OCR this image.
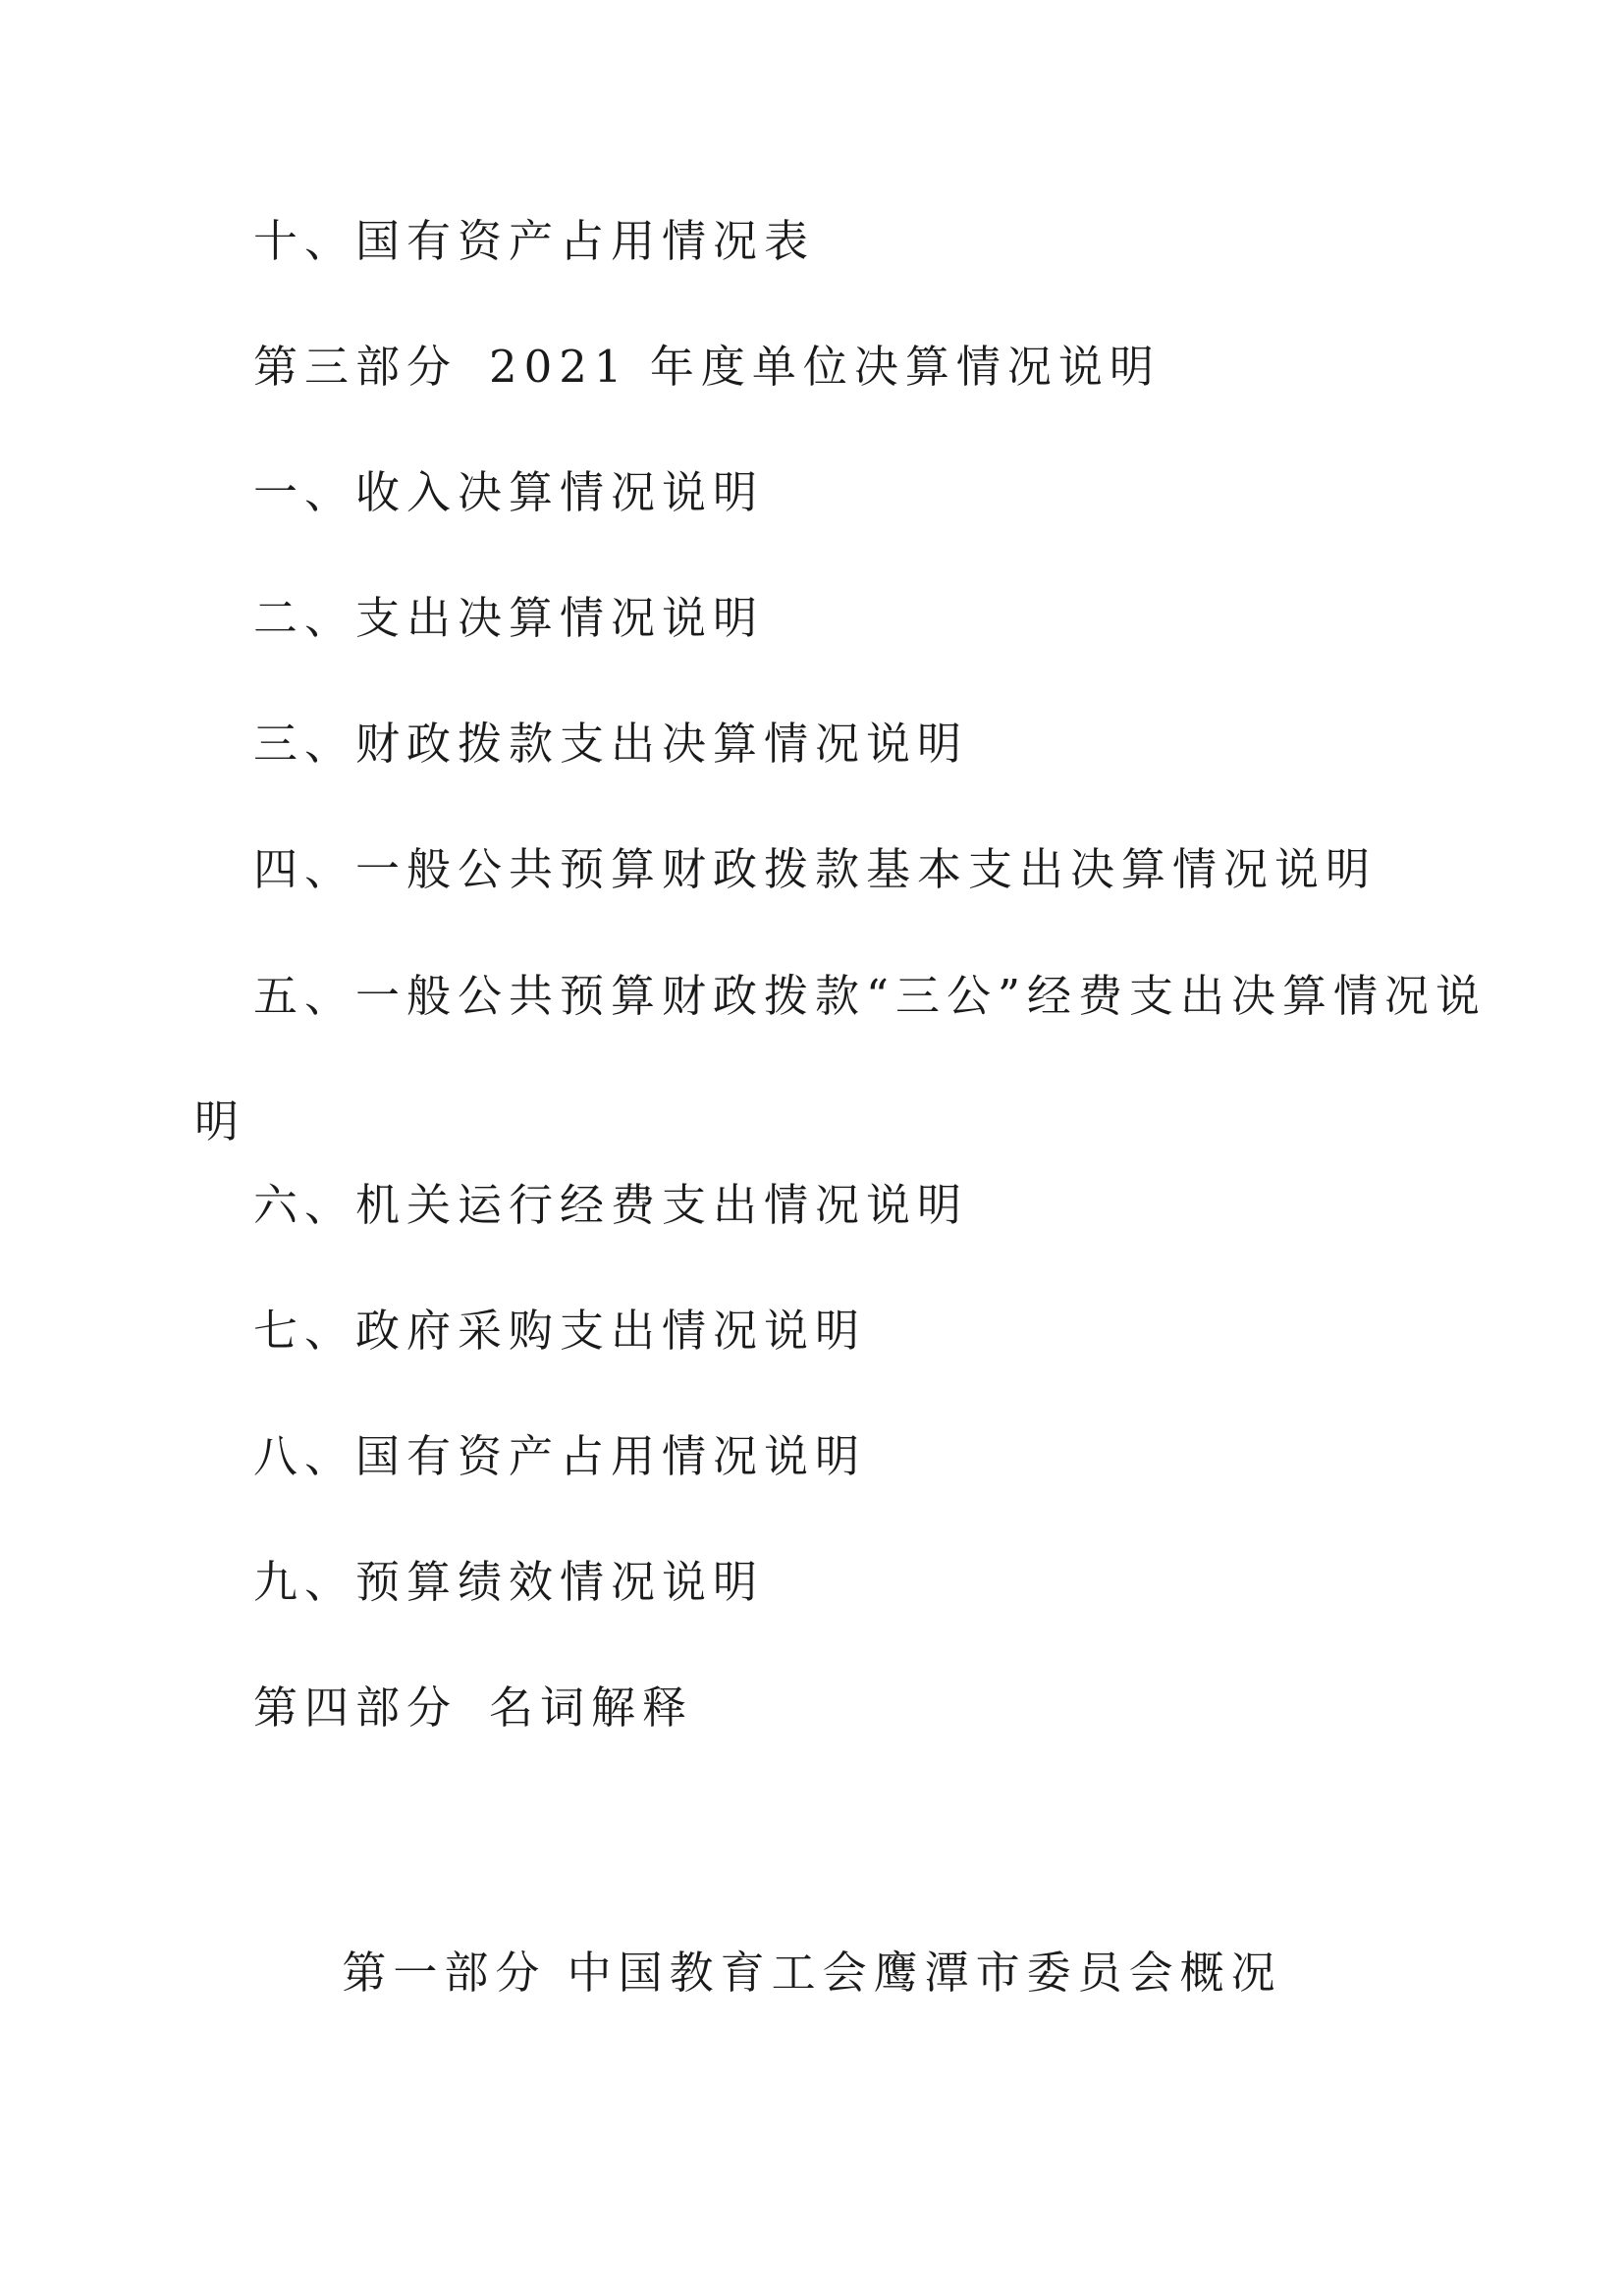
十、国有资产占用情况表

第三部分 2021 年度单位决算情况说明

一、收入决算情况说明

二、支出决算情况说明

三、财政拨款支出决算情况说明

四、一般公共预算财政拨款基本支出决算情况说明

五、一般公共预算财政拨款“三公”经费支出决算情况说
明

六、机关运行经费支出情况说明

七、政府采购支出情况说明

八、国有资产占用情况说明

九、预算绩效情况说明

第四部分 名词解释

第一部分 中国教育工会鹰潭市委员会概况
